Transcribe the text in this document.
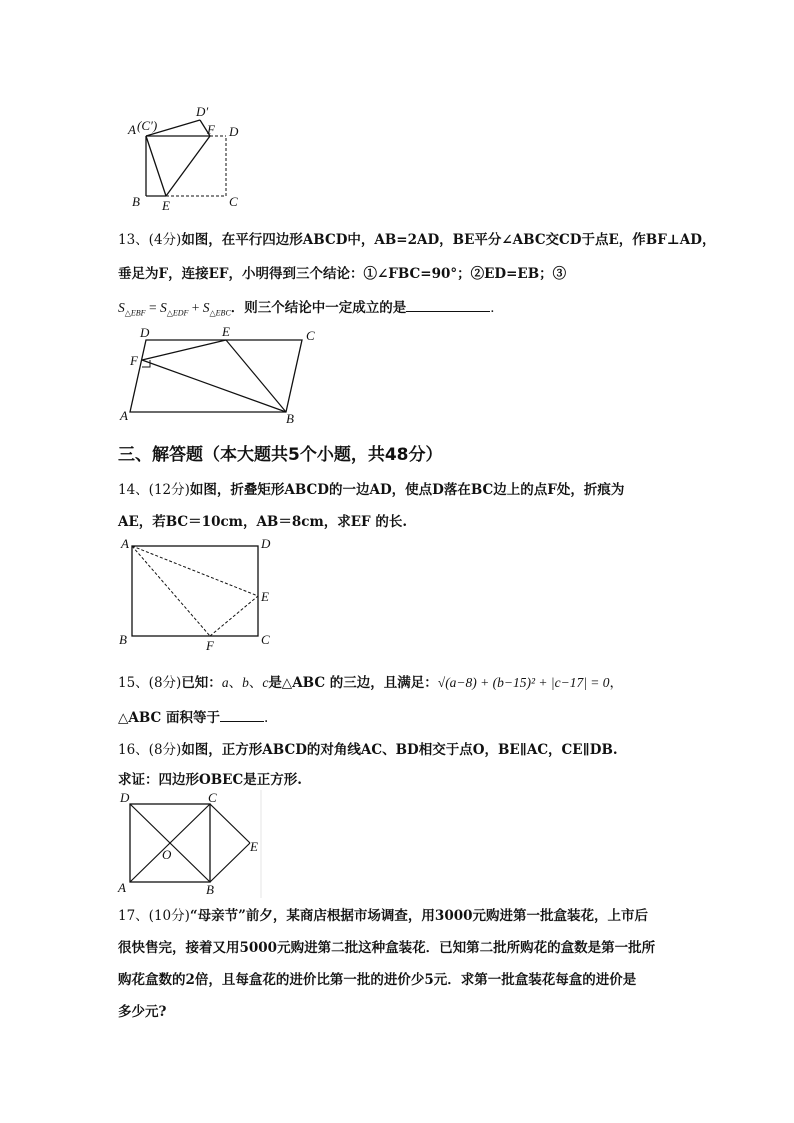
A (C′)
D′
F D
B E	C
13、(4分)如图，在平行四边形ABCD中，AB=2AD，BE平分∠ABC交CD于点E，作BF⊥AD，
垂足为F，连接EF，小明得到三个结论：①∠FBC=90°；②ED=EB；③
$S_{\triangle EBF} = S_{\triangle EDF} + S_{\triangle EBC}$．则三个结论中一定成立的是	．
D	E	C
F
A	B
三、解答题（本大题共5个小题，共48分）
14、(12分)如图，折叠矩形ABCD的一边AD，使点D落在BC边上的点F处，折痕为
AE，若BC＝10cm，AB＝8cm，求EF 的长.
A	D
E
B	F	C
15、(8分)已知：a、b、c是△ABC 的三边，且满足：√(a−8) + (b−15)² + |c−17| = 0，
△ABC 面积等于	.
16、(8分)如图，正方形ABCD的对角线AC、BD相交于点O，BE∥AC，CE∥DB.
求证：四边形OBEC是正方形.
D	C
O
E
A	B
17、(10分)“母亲节”前夕，某商店根据市场调查，用3000元购进第一批盒装花，上市后
很快售完，接着又用5000元购进第二批这种盒装花．已知第二批所购花的盒数是第一批所
购花盒数的2倍，且每盒花的进价比第一批的进价少5元．求第一批盒装花每盒的进价是
多少元?
